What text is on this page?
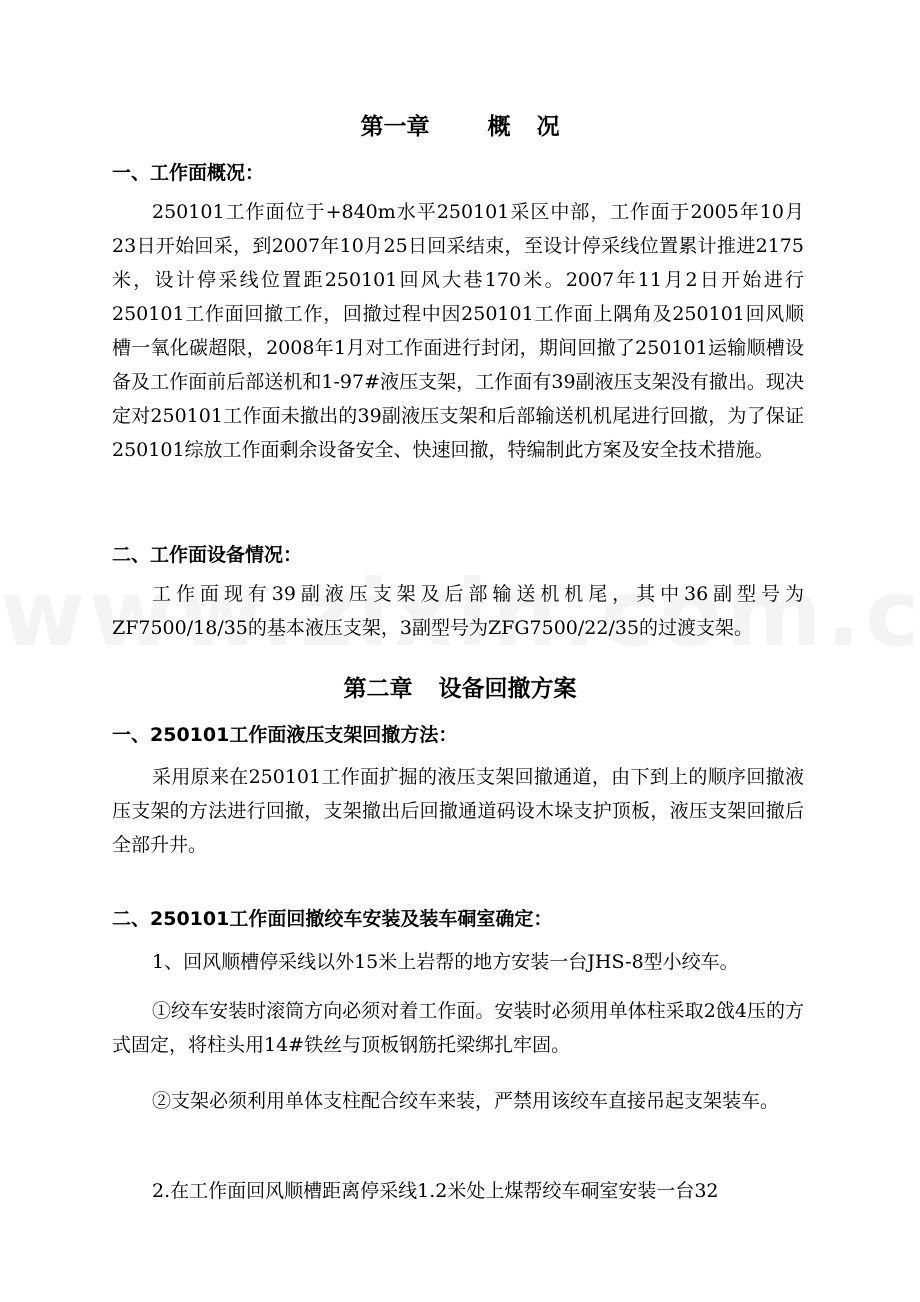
第一章	概 况
一、工作面概况：

250101工作面位于+840m水平250101采区中部，工作面于2005年10月23日开始回采，到2007年10月25日回采结束，至设计停采线位置累计推进2175米，设计停采线位置距250101回风大巷170米。2007年11月2日开始进行250101工作面回撤工作，回撤过程中因250101工作面上隅角及250101回风顺槽一氧化碳超限，2008年1月对工作面进行封闭，期间回撤了250101运输顺槽设备及工作面前后部送机和1-97#液压支架，工作面有39副液压支架没有撤出。现决定对250101工作面未撤出的39副液压支架和后部输送机机尾进行回撤，为了保证250101综放工作面剩余设备安全、快速回撤，特编制此方案及安全技术措施。

二、工作面设备情况：

工作面现有39副液压支架及后部输送机机尾，其中36副型号为ZF7500/18/35的基本液压支架，3副型号为ZFG7500/22/35的过渡支架。

第二章 设备回撤方案
一、250101工作面液压支架回撤方法：

采用原来在250101工作面扩掘的液压支架回撤通道，由下到上的顺序回撤液压支架的方法进行回撤，支架撤出后回撤通道码设木垛支护顶板，液压支架回撤后全部升井。

二、250101工作面回撤绞车安装及装车硐室确定：

1、回风顺槽停采线以外15米上岩帮的地方安装一台JHS-8型小绞车。

①绞车安装时滚筒方向必须对着工作面。安装时必须用单体柱采取2戗4压的方式固定，将柱头用14#铁丝与顶板钢筋托梁绑扎牢固。

②支架必须利用单体支柱配合绞车来装，严禁用该绞车直接吊起支架装车。

2.在工作面回风顺槽距离停采线1.2米处上煤帮绞车硐室安装一台32
